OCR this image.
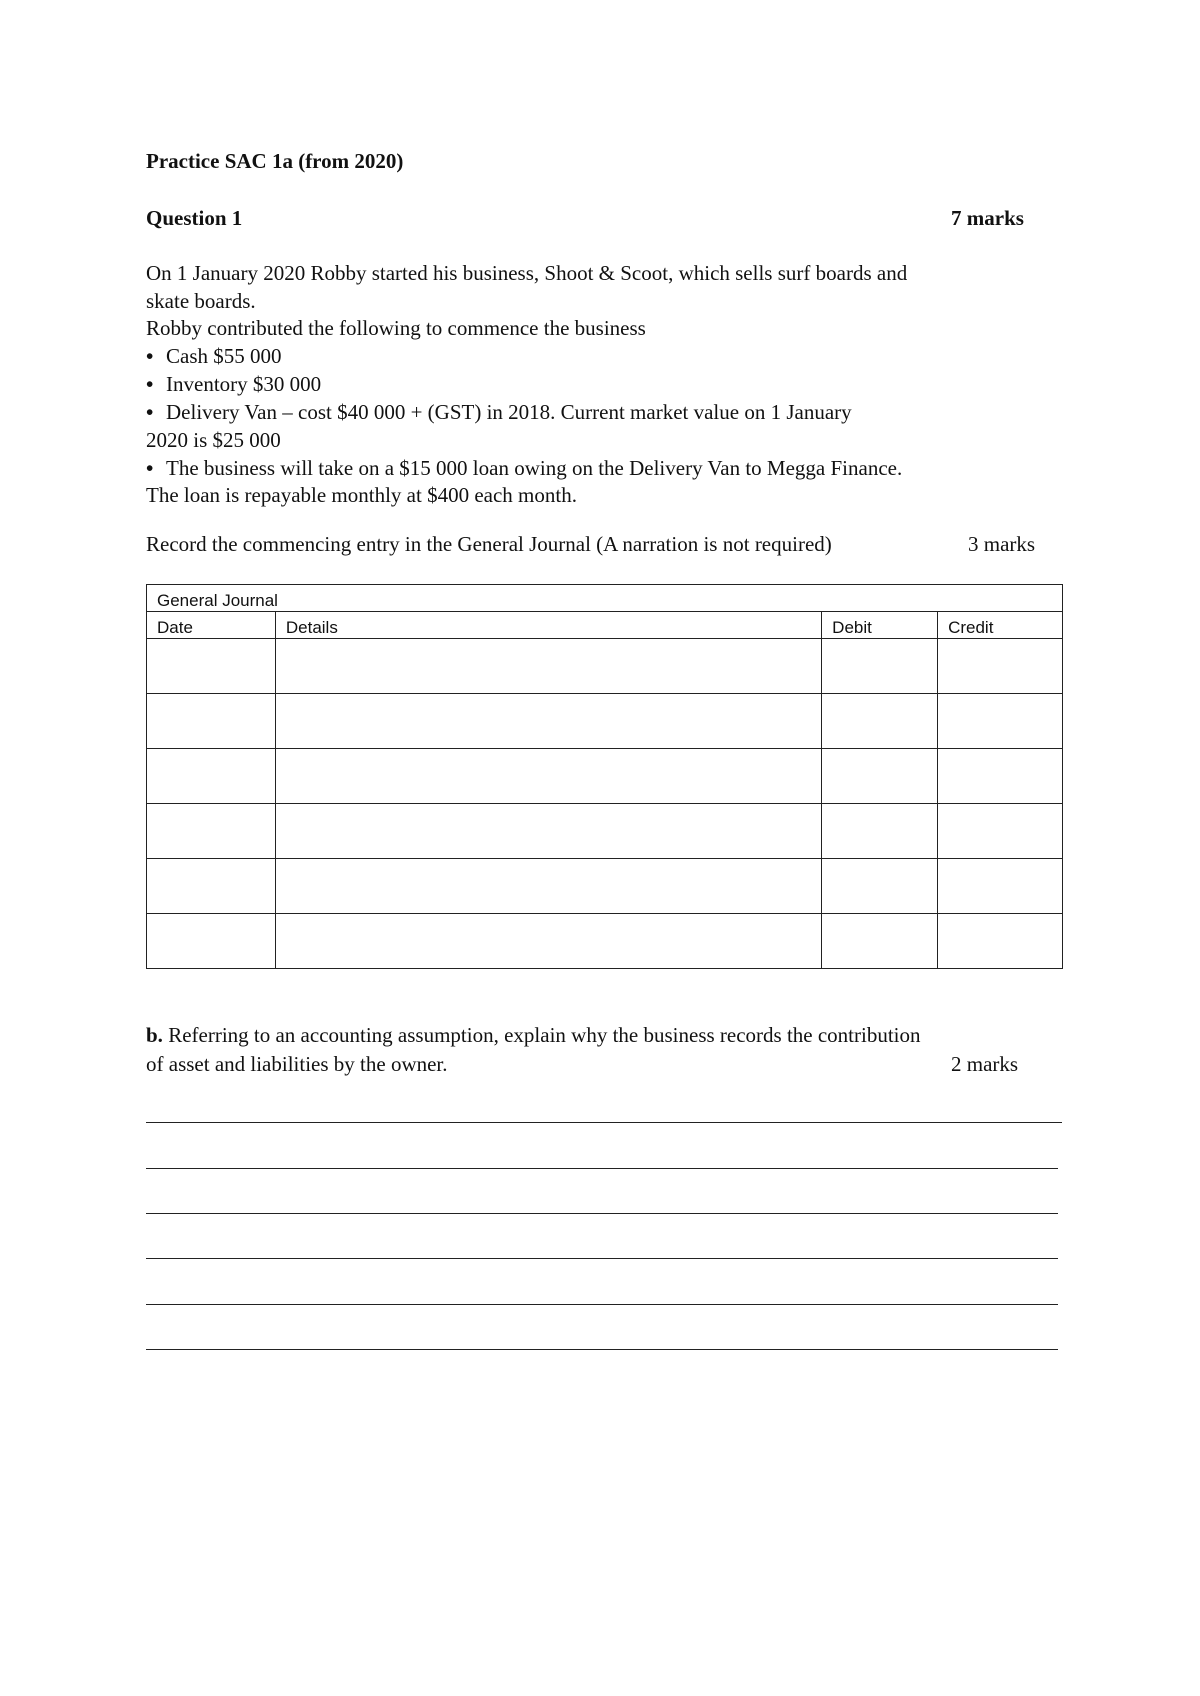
Practice SAC 1a (from 2020)
Question 1	7 marks
On 1 January 2020 Robby started his business, Shoot & Scoot, which sells surf boards and
skate boards.
Robby contributed the following to commence the business
• Cash $55 000
• Inventory $30 000
• Delivery Van – cost $40 000 + (GST) in 2018. Current market value on 1 January
2020 is $25 000
• The business will take on a $15 000 loan owing on the Delivery Van to Megga Finance.
The loan is repayable monthly at $400 each month.
Record the commencing entry in the General Journal (A narration is not required)	3 marks
General Journal			
Date	Details	Debit	Credit

b. Referring to an accounting assumption, explain why the business records the contribution
of asset and liabilities by the owner.	2 marks
